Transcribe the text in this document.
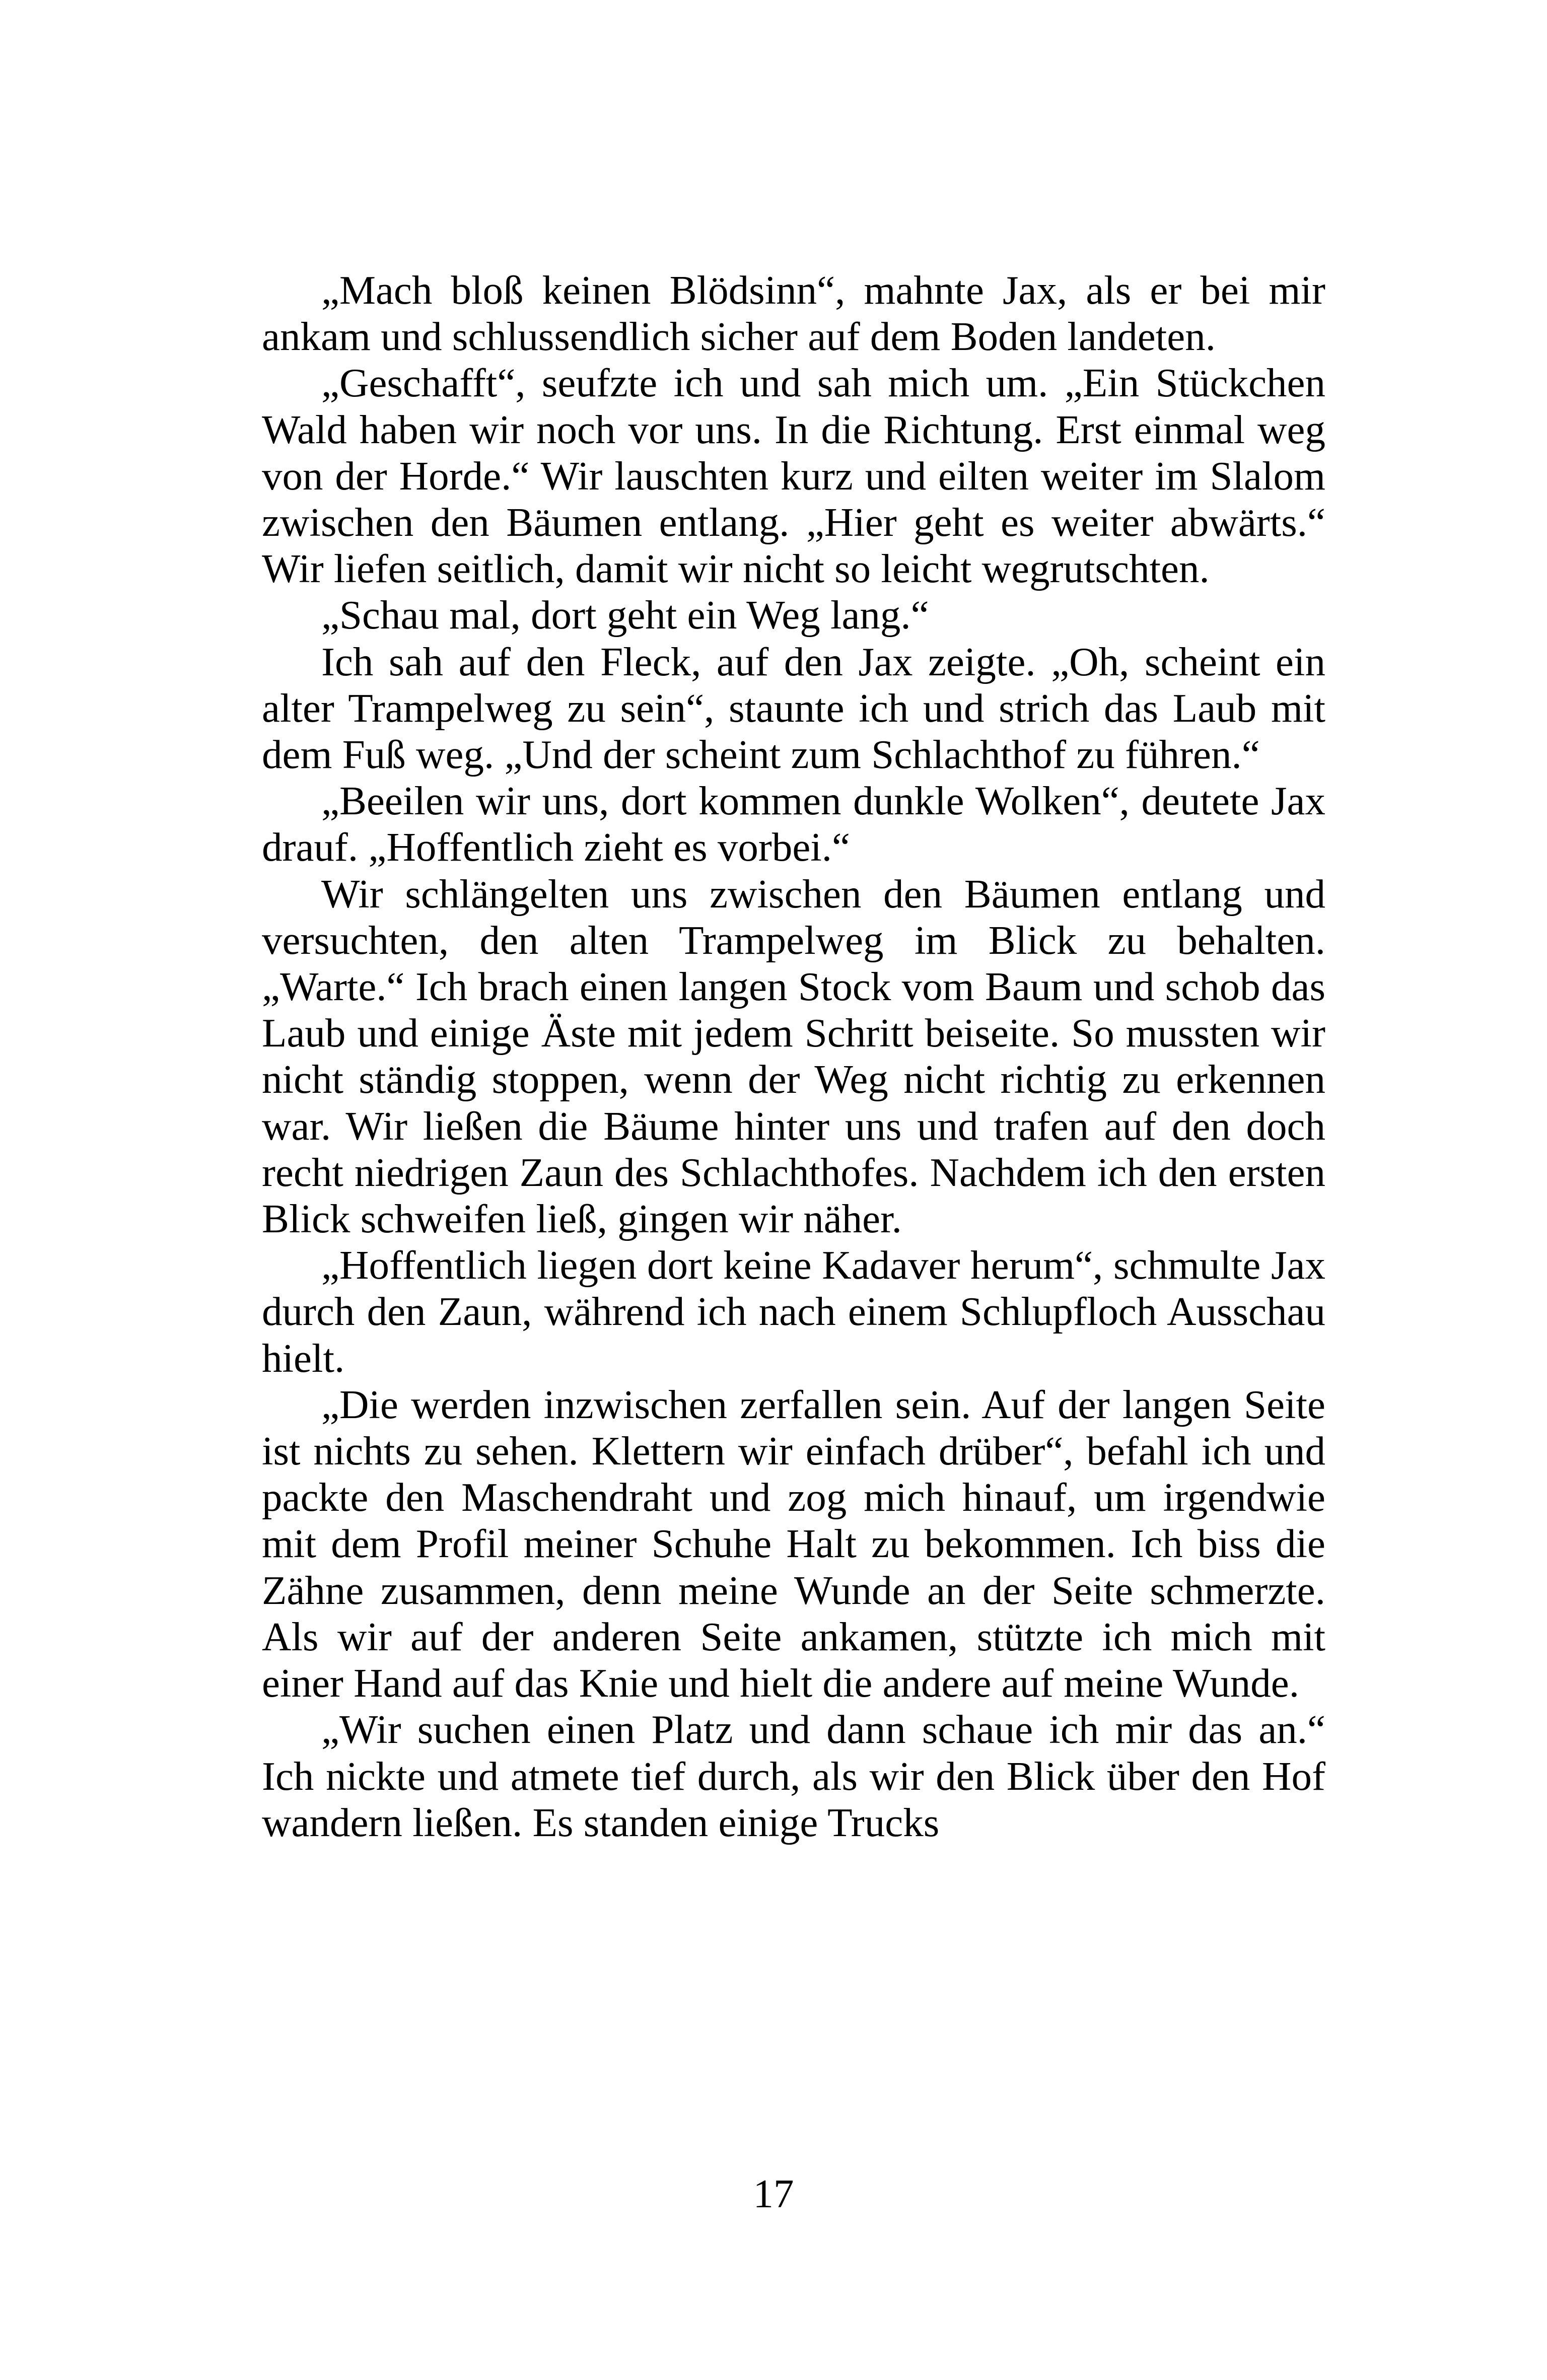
„Mach bloß keinen Blödsinn“, mahnte Jax, als er bei mir ankam und schlussendlich sicher auf dem Boden landeten.

„Geschafft“, seufzte ich und sah mich um. „Ein Stückchen Wald haben wir noch vor uns. In die Richtung. Erst einmal weg von der Horde.“ Wir lauschten kurz und eilten weiter im Slalom zwischen den Bäumen entlang. „Hier geht es weiter abwärts.“ Wir liefen seitlich, damit wir nicht so leicht wegrutschten.

„Schau mal, dort geht ein Weg lang.“

Ich sah auf den Fleck, auf den Jax zeigte. „Oh, scheint ein alter Trampelweg zu sein“, staunte ich und strich das Laub mit dem Fuß weg. „Und der scheint zum Schlachthof zu führen.“

„Beeilen wir uns, dort kommen dunkle Wolken“, deutete Jax drauf. „Hoffentlich zieht es vorbei.“

Wir schlängelten uns zwischen den Bäumen entlang und versuchten, den alten Trampelweg im Blick zu behalten. „Warte.“ Ich brach einen langen Stock vom Baum und schob das Laub und einige Äste mit jedem Schritt beiseite. So mussten wir nicht ständig stoppen, wenn der Weg nicht richtig zu erkennen war. Wir ließen die Bäume hinter uns und trafen auf den doch recht niedrigen Zaun des Schlachthofes. Nachdem ich den ersten Blick schweifen ließ, gingen wir näher.

„Hoffentlich liegen dort keine Kadaver herum“, schmulte Jax durch den Zaun, während ich nach einem Schlupfloch Ausschau hielt.

„Die werden inzwischen zerfallen sein. Auf der langen Seite ist nichts zu sehen. Klettern wir einfach drüber“, befahl ich und packte den Maschendraht und zog mich hinauf, um irgendwie mit dem Profil meiner Schuhe Halt zu bekommen. Ich biss die Zähne zusammen, denn meine Wunde an der Seite schmerzte. Als wir auf der anderen Seite ankamen, stützte ich mich mit einer Hand auf das Knie und hielt die andere auf meine Wunde.

„Wir suchen einen Platz und dann schaue ich mir das an.“ Ich nickte und atmete tief durch, als wir den Blick über den Hof wandern ließen. Es standen einige Trucks

17
